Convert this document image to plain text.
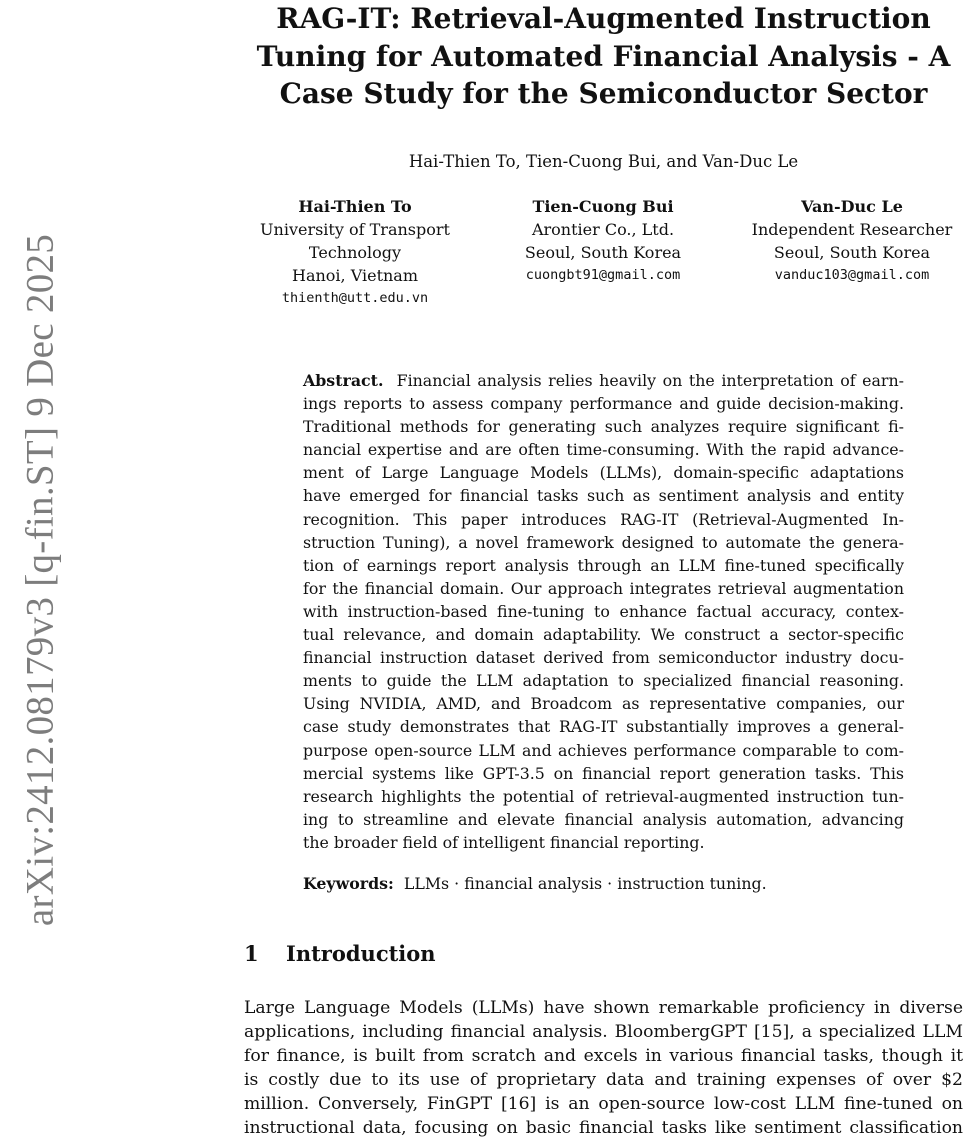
arXiv:2412.08179v3 [q-fin.ST] 9 Dec 2025
RAG-IT: Retrieval-Augmented Instruction
Tuning for Automated Financial Analysis - A
Case Study for the Semiconductor Sector
Hai-Thien To, Tien-Cuong Bui, and Van-Duc Le
Hai-Thien To
University of Transport
Technology
Hanoi, Vietnam
thienth@utt.edu.vn
Tien-Cuong Bui
Arontier Co., Ltd.
Seoul, South Korea
cuongbt91@gmail.com
Van-Duc Le
Independent Researcher
Seoul, South Korea
vanduc103@gmail.com
Abstract. Financial analysis relies heavily on the interpretation of earn-
ings reports to assess company performance and guide decision-making.
Traditional methods for generating such analyzes require significant fi-
nancial expertise and are often time-consuming. With the rapid advance-
ment of Large Language Models (LLMs), domain-specific adaptations
have emerged for financial tasks such as sentiment analysis and entity
recognition. This paper introduces RAG-IT (Retrieval-Augmented In-
struction Tuning), a novel framework designed to automate the genera-
tion of earnings report analysis through an LLM fine-tuned specifically
for the financial domain. Our approach integrates retrieval augmentation
with instruction-based fine-tuning to enhance factual accuracy, contex-
tual relevance, and domain adaptability. We construct a sector-specific
financial instruction dataset derived from semiconductor industry docu-
ments to guide the LLM adaptation to specialized financial reasoning.
Using NVIDIA, AMD, and Broadcom as representative companies, our
case study demonstrates that RAG-IT substantially improves a general-
purpose open-source LLM and achieves performance comparable to com-
mercial systems like GPT-3.5 on financial report generation tasks. This
research highlights the potential of retrieval-augmented instruction tun-
ing to streamline and elevate financial analysis automation, advancing
the broader field of intelligent financial reporting.
Keywords: LLMs · financial analysis · instruction tuning.
1 Introduction
Large Language Models (LLMs) have shown remarkable proficiency in diverse
applications, including financial analysis. BloombergGPT [15], a specialized LLM
for finance, is built from scratch and excels in various financial tasks, though it
is costly due to its use of proprietary data and training expenses of over $2
million. Conversely, FinGPT [16] is an open-source low-cost LLM fine-tuned on
instructional data, focusing on basic financial tasks like sentiment classification
